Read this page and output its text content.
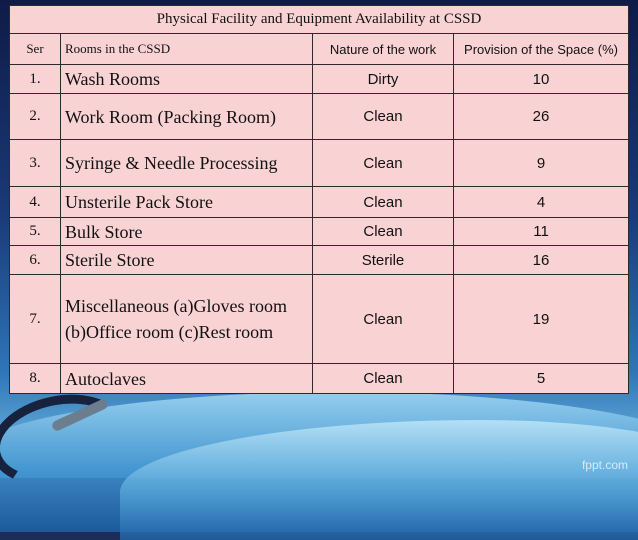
Physical Facility and Equipment Availability at CSSD			
Ser	Rooms in the CSSD	Nature of the work	Provision of the Space (%)
1.	Wash Rooms	Dirty	10
2.	Work Room (Packing Room)	Clean	26
3.	Syringe & Needle Processing	Clean	9
4.	Unsterile Pack Store	Clean	4
5.	Bulk Store	Clean	11
6.	Sterile Store	Sterile	16
7.	Miscellaneous (a)Gloves room (b)Office room (c)Rest room	Clean	19
8.	Autoclaves	Clean	5
fppt.com
